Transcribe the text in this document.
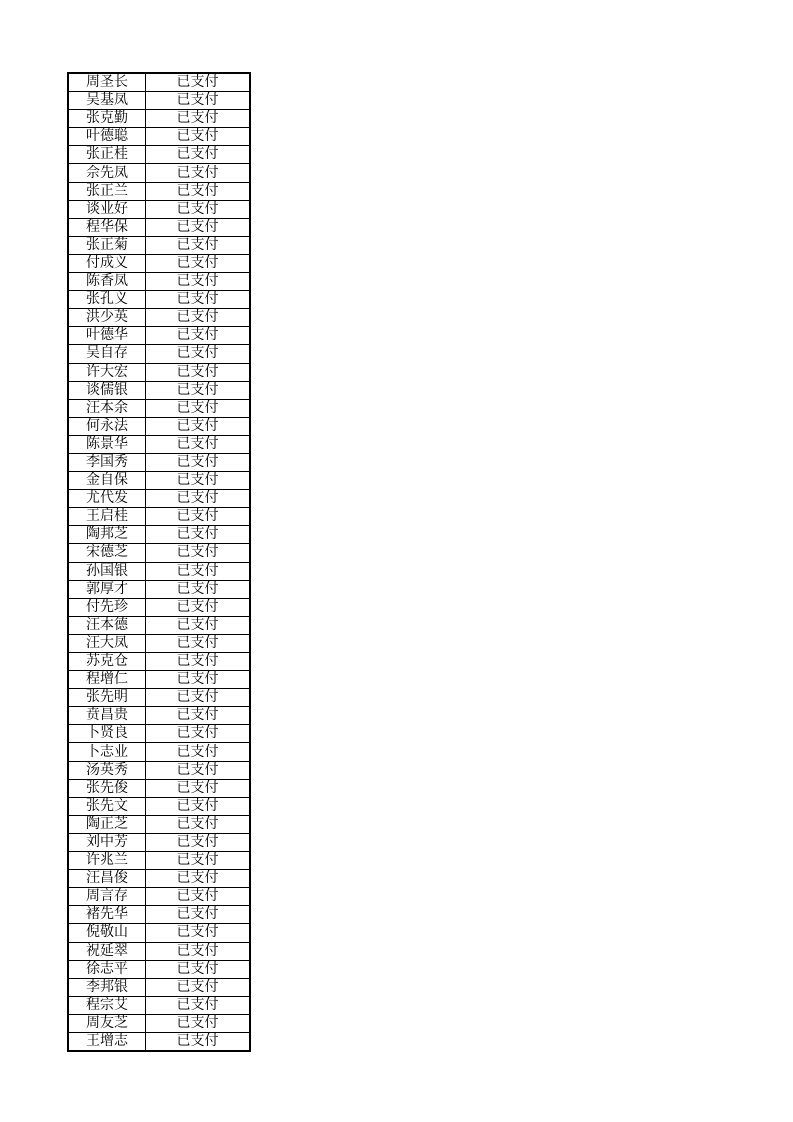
周圣长	已支付
吴基凤	已支付
张克勤	已支付
叶德聪	已支付
张正桂	已支付
佘先凤	已支付
张正兰	已支付
谈业好	已支付
程华保	已支付
张正菊	已支付
付成义	已支付
陈香凤	已支付
张孔义	已支付
洪少英	已支付
叶德华	已支付
吴自存	已支付
许大宏	已支付
谈儒银	已支付
汪本余	已支付
何永法	已支付
陈景华	已支付
李国秀	已支付
金自保	已支付
尤代发	已支付
王启桂	已支付
陶邦芝	已支付
宋德芝	已支付
孙国银	已支付
郭厚才	已支付
付先珍	已支付
汪本德	已支付
汪大凤	已支付
苏克仓	已支付
程增仁	已支付
张先明	已支付
贲昌贵	已支付
卜贤良	已支付
卜志业	已支付
汤英秀	已支付
张先俊	已支付
张先文	已支付
陶正芝	已支付
刘中芳	已支付
许兆兰	已支付
汪昌俊	已支付
周言存	已支付
褚先华	已支付
倪敬山	已支付
祝延翠	已支付
徐志平	已支付
李邦银	已支付
程宗艾	已支付
周友芝	已支付
王增志	已支付
